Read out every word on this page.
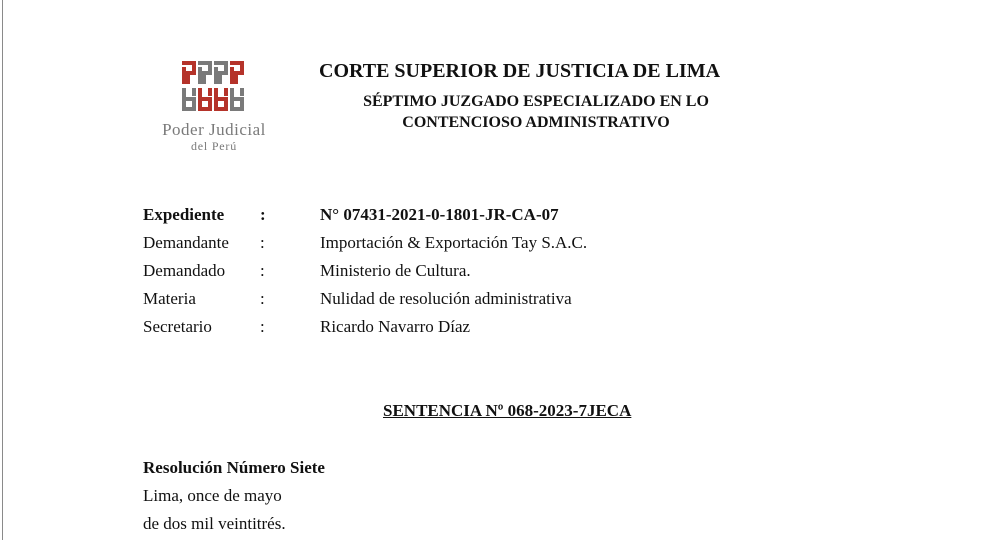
Poder Judicial
del Perú
CORTE SUPERIOR DE JUSTICIA DE LIMA
SÉPTIMO JUZGADO ESPECIALIZADO EN LO
CONTENCIOSO ADMINISTRATIVO
Expediente :	N° 07431-2021-0-1801-JR-CA-07
Demandante :	Importación & Exportación Tay S.A.C.
Demandado :	Ministerio de Cultura.
Materia	:	Nulidad de resolución administrativa
Secretario	:	Ricardo Navarro Díaz
SENTENCIA Nº 068-2023-7JECA
Resolución Número Siete
Lima, once de mayo
de dos mil veintitrés.
